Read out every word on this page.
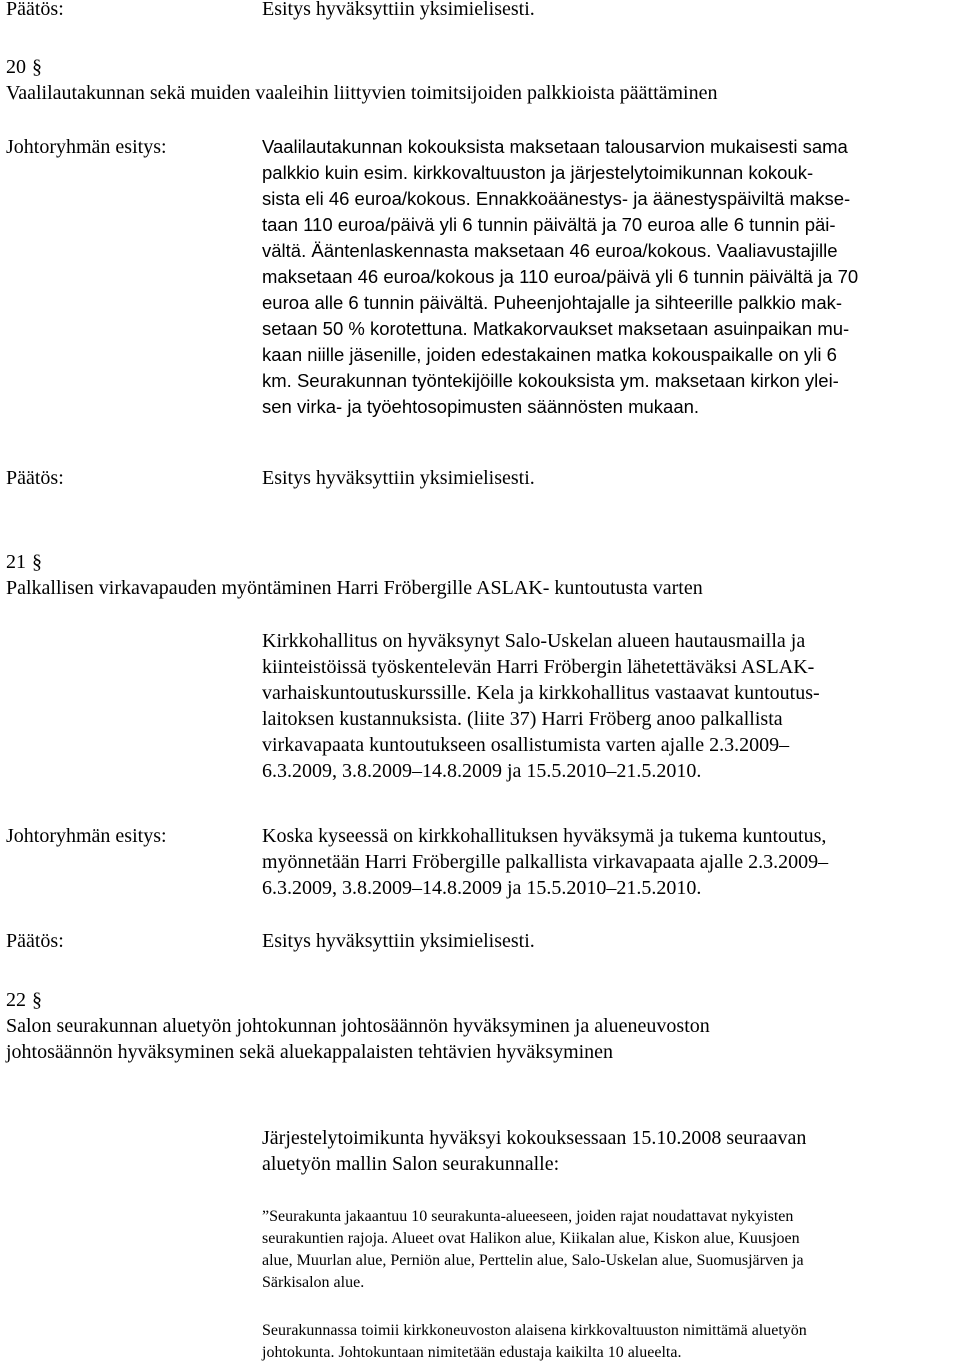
Päätös:	Esitys hyväksyttiin yksimielisesti.
20 §
Vaalilautakunnan sekä muiden vaaleihin liittyvien toimitsijoiden palkkioista päättäminen
Johtoryhmän esitys:	Vaalilautakunnan kokouksista maksetaan talousarvion mukaisesti sama
palkkio kuin esim. kirkkovaltuuston ja järjestelytoimikunnan kokouk-
sista eli 46 euroa/kokous. Ennakkoäänestys- ja äänestyspäiviltä makse-
taan 110 euroa/päivä yli 6 tunnin päivältä ja 70 euroa alle 6 tunnin päi-
vältä. Ääntenlaskennasta maksetaan 46 euroa/kokous. Vaaliavustajille
maksetaan 46 euroa/kokous ja 110 euroa/päivä yli 6 tunnin päivältä ja 70
euroa alle 6 tunnin päivältä. Puheenjohtajalle ja sihteerille palkkio mak-
setaan 50 % korotettuna. Matkakorvaukset maksetaan asuinpaikan mu-
kaan niille jäsenille, joiden edestakainen matka kokouspaikalle on yli 6
km. Seurakunnan työntekijöille kokouksista ym. maksetaan kirkon ylei-
sen virka- ja työehtosopimusten säännösten mukaan.
Päätös:	Esitys hyväksyttiin yksimielisesti.
21 §
Palkallisen virkavapauden myöntäminen Harri Fröbergille ASLAK- kuntoutusta varten
Kirkkohallitus on hyväksynyt Salo-Uskelan alueen hautausmailla ja
kiinteistöissä työskentelevän Harri Fröbergin lähetettäväksi ASLAK-
varhaiskuntoutuskurssille. Kela ja kirkkohallitus vastaavat kuntoutus-
laitoksen kustannuksista. (liite 37) Harri Fröberg anoo palkallista
virkavapaata kuntoutukseen osallistumista varten ajalle 2.3.2009–
6.3.2009, 3.8.2009–14.8.2009 ja 15.5.2010–21.5.2010.
Johtoryhmän esitys:	Koska kyseessä on kirkkohallituksen hyväksymä ja tukema kuntoutus,
myönnetään Harri Fröbergille palkallista virkavapaata ajalle 2.3.2009–
6.3.2009, 3.8.2009–14.8.2009 ja 15.5.2010–21.5.2010.
Päätös:	Esitys hyväksyttiin yksimielisesti.
22 §
Salon seurakunnan aluetyön johtokunnan johtosäännön hyväksyminen ja alueneuvoston
johtosäännön hyväksyminen sekä aluekappalaisten tehtävien hyväksyminen
Järjestelytoimikunta hyväksyi kokouksessaan 15.10.2008 seuraavan
aluetyön mallin Salon seurakunnalle:
”Seurakunta jakaantuu 10 seurakunta-alueeseen, joiden rajat noudattavat nykyisten
seurakuntien rajoja. Alueet ovat Halikon alue, Kiikalan alue, Kiskon alue, Kuusjoen
alue, Muurlan alue, Perniön alue, Perttelin alue, Salo-Uskelan alue, Suomusjärven ja
Särkisalon alue.
Seurakunnassa toimii kirkkoneuvoston alaisena kirkkovaltuuston nimittämä aluetyön
johtokunta. Johtokuntaan nimitetään edustaja kaikilta 10 alueelta.
